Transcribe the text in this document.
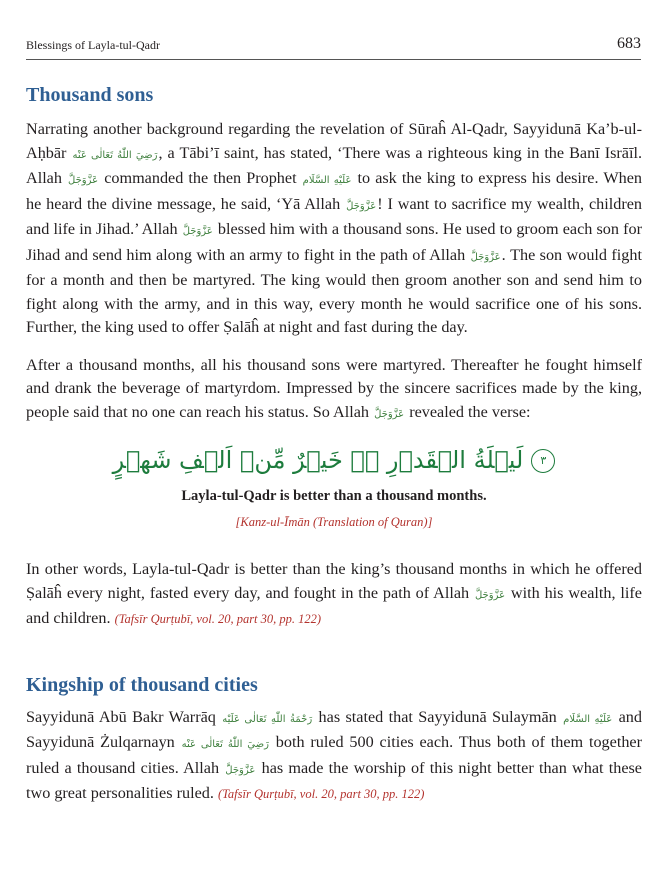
Blessings of Layla-tul-Qadr	683
Thousand sons

Narrating another background regarding the revelation of Sūraĥ Al-Qadr, Sayyidunā Ka’b-ul-Aḥbār رَضِيَ اللّٰهُ تَعَالٰى عَنْه, a Tābi’ī saint, has stated, ‘There was a righteous king in the Banī Isrāīl. Allah عَزَّوَجَلَّ commanded the then Prophet عَلَيْهِ السَّلَام to ask the king to express his desire. When he heard the divine message, he said, ‘Yā Allah عَزَّوَجَلَّ! I want to sacrifice my wealth, children and life in Jihad.’ Allah عَزَّوَجَلَّ blessed him with a thousand sons. He used to groom each son for Jihad and send him along with an army to fight in the path of Allah عَزَّوَجَلَّ. The son would fight for a month and then be martyred. The king would then groom another son and send him to fight along with the army, and in this way, every month he would sacrifice one of his sons. Further, the king used to offer Ṣalāĥ at night and fast during the day.

After a thousand months, all his thousand sons were martyred. Thereafter he fought himself and drank the beverage of martyrdom. Impressed by the sincere sacrifices made by the king, people said that no one can reach his status. So Allah عَزَّوَجَلَّ revealed the verse:

۳لَيۡلَةُ الۡقَدۡرِ ۬ۙ خَيۡرٌ مِّنۡ اَلۡفِ شَهۡرٍ
Layla-tul-Qadr is better than a thousand months.
[Kanz-ul-Īmān (Translation of Quran)]

In other words, Layla-tul-Qadr is better than the king’s thousand months in which he offered Ṣalāĥ every night, fasted every day, and fought in the path of Allah عَزَّوَجَلَّ with his wealth, life and children. (Tafsīr Qurṭubī, vol. 20, part 30, pp. 122)

Kingship of thousand cities

Sayyidunā Abū Bakr Warrāq رَحْمَةُ اللّٰهِ تَعَالٰى عَلَيْه has stated that Sayyidunā Sulaymān عَلَيْهِ السَّلَام and Sayyidunā Żulqarnayn رَضِيَ اللّٰهُ تَعَالٰى عَنْه both ruled 500 cities each. Thus both of them together ruled a thousand cities. Allah عَزَّوَجَلَّ has made the worship of this night better than what these two great personalities ruled. (Tafsīr Qurṭubī, vol. 20, part 30, pp. 122)
